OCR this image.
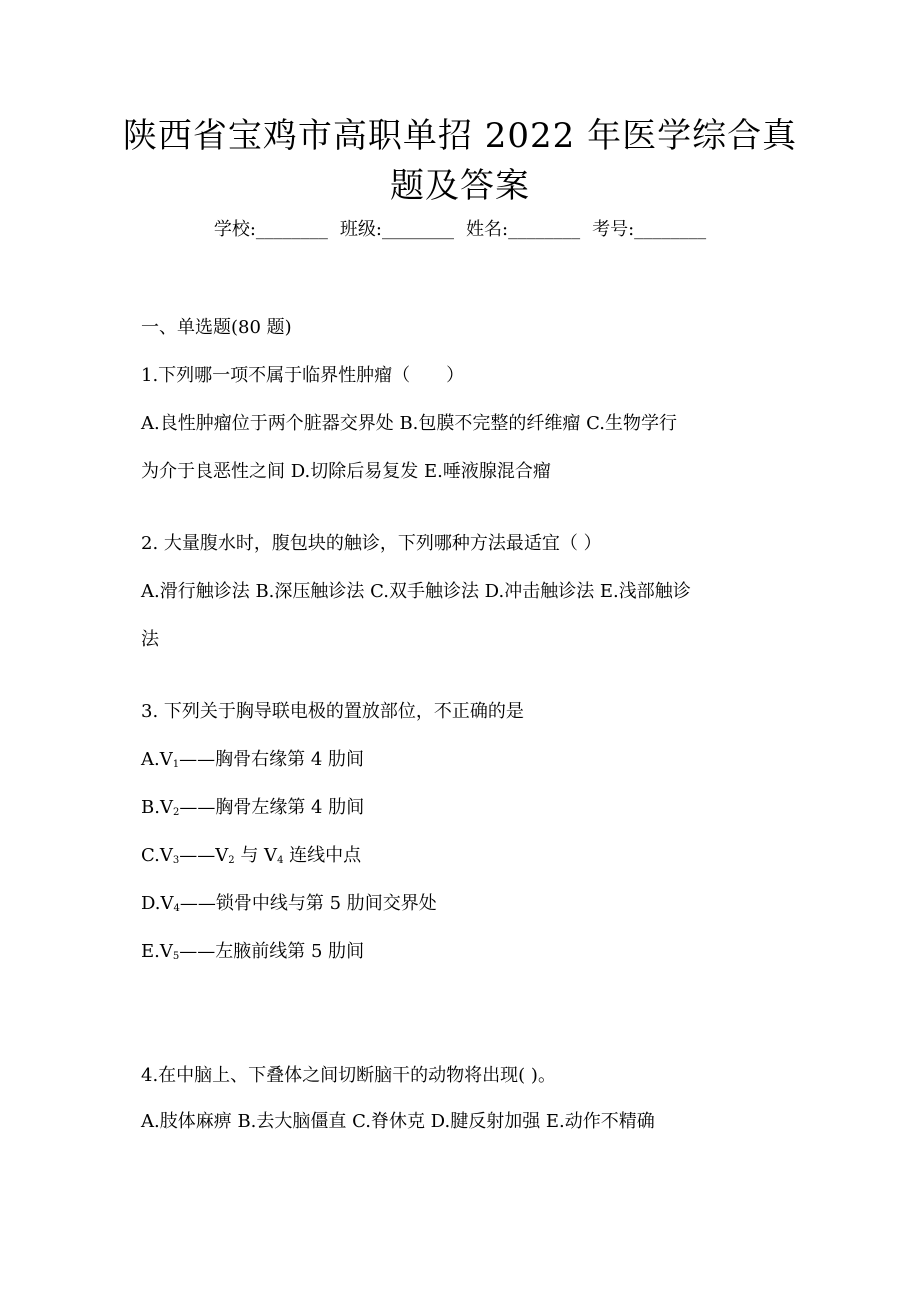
陕西省宝鸡市高职单招 2022 年医学综合真
题及答案
学校:________ 班级:________ 姓名:________ 考号:________
一、单选题(80 题)
1.下列哪一项不属于临界性肿瘤（　　）
A.良性肿瘤位于两个脏器交界处 B.包膜不完整的纤维瘤 C.生物学行
为介于良恶性之间 D.切除后易复发 E.唾液腺混合瘤
2. 大量腹水时，腹包块的触诊，下列哪种方法最适宜（ ）
A.滑行触诊法 B.深压触诊法 C.双手触诊法 D.冲击触诊法 E.浅部触诊
法
3. 下列关于胸导联电极的置放部位，不正确的是
$A.V_1——$胸骨右缘第 4 肋间
$B.V_2——$胸骨左缘第 4 肋间
$C.V_3——V_2$ 与 $V_4$ 连线中点
$D.V_4——$锁骨中线与第 5 肋间交界处
$E.V_5——$左腋前线第 5 肋间
4.在中脑上、下叠体之间切断脑干的动物将出现( )。
A.肢体麻痹 B.去大脑僵直 C.脊休克 D.腱反射加强 E.动作不精确
